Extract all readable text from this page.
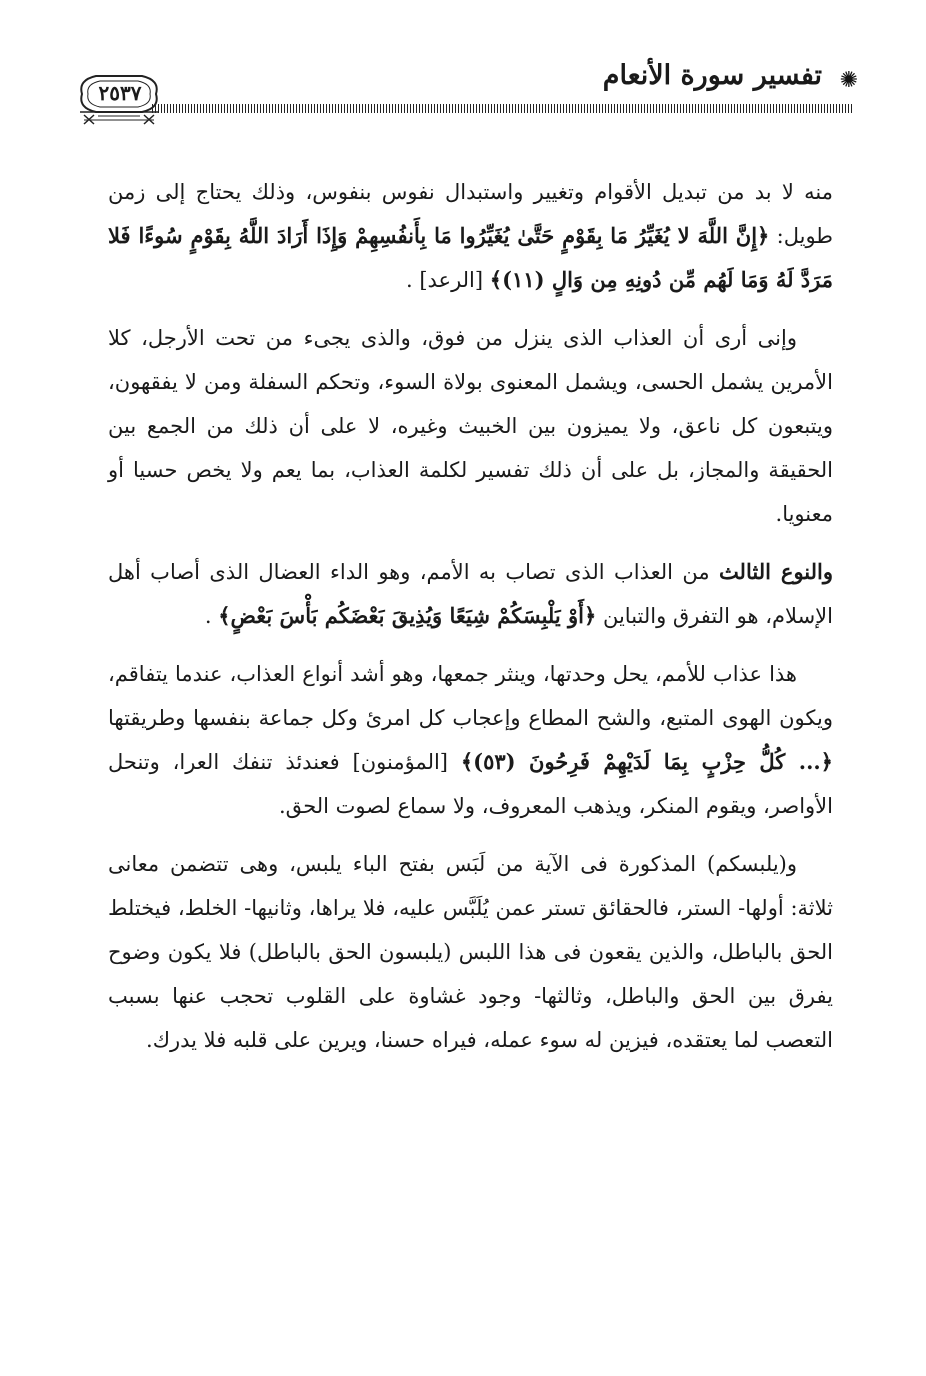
✺
تفسير سورة الأنعام
٢٥٣٧

منه لا بد من تبديل الأقوام وتغيير واستبدال نفوس بنفوس، وذلك يحتاج إلى زمن طويل: ﴿إِنَّ اللَّهَ لا يُغَيِّرُ مَا بِقَوْمٍ حَتَّىٰ يُغَيِّرُوا مَا بِأَنفُسِهِمْ وَإِذَا أَرَادَ اللَّهُ بِقَوْمٍ سُوءًا فَلا مَرَدَّ لَهُ وَمَا لَهُم مِّن دُونِهِ مِن وَالٍ (١١)﴾ [الرعد] .

وإنى أرى أن العذاب الذى ينزل من فوق، والذى يجىء من تحت الأرجل، كلا الأمرين يشمل الحسى، ويشمل المعنوى بولاة السوء، وتحكم السفلة ومن لا يفقهون، ويتبعون كل ناعق، ولا يميزون بين الخبيث وغيره، لا على أن ذلك من الجمع بين الحقيقة والمجاز، بل على أن ذلك تفسير لكلمة العذاب، بما يعم ولا يخص حسيا أو معنويا.

والنوع الثالث من العذاب الذى تصاب به الأمم، وهو الداء العضال الذى أصاب أهل الإسلام، هو التفرق والتباين ﴿أَوْ يَلْبِسَكُمْ شِيَعًا وَيُذِيقَ بَعْضَكُم بَأْسَ بَعْضٍ﴾ .

هذا عذاب للأمم، يحل وحدتها، وينثر جمعها، وهو أشد أنواع العذاب، عندما يتفاقم، ويكون الهوى المتبع، والشح المطاع وإعجاب كل امرئ وكل جماعة بنفسها وطريقتها ﴿... كُلُّ حِزْبٍ بِمَا لَدَيْهِمْ فَرِحُونَ (٥٣)﴾ [المؤمنون] فعندئذ تنفك العرا، وتنحل الأواصر، ويقوم المنكر، ويذهب المعروف، ولا سماع لصوت الحق.

و(يلبسكم) المذكورة فى الآية من لَبَس بفتح الباء يلبس، وهى تتضمن معانى ثلاثة: أولها- الستر، فالحقائق تستر عمن يُلَبَّس عليه، فلا يراها، وثانيها- الخلط، فيختلط الحق بالباطل، والذين يقعون فى هذا اللبس (يلبسون الحق بالباطل) فلا يكون وضوح يفرق بين الحق والباطل، وثالثها- وجود غشاوة على القلوب تحجب عنها بسبب التعصب لما يعتقده، فيزين له سوء عمله، فيراه حسنا، ويرين على قلبه فلا يدرك.
